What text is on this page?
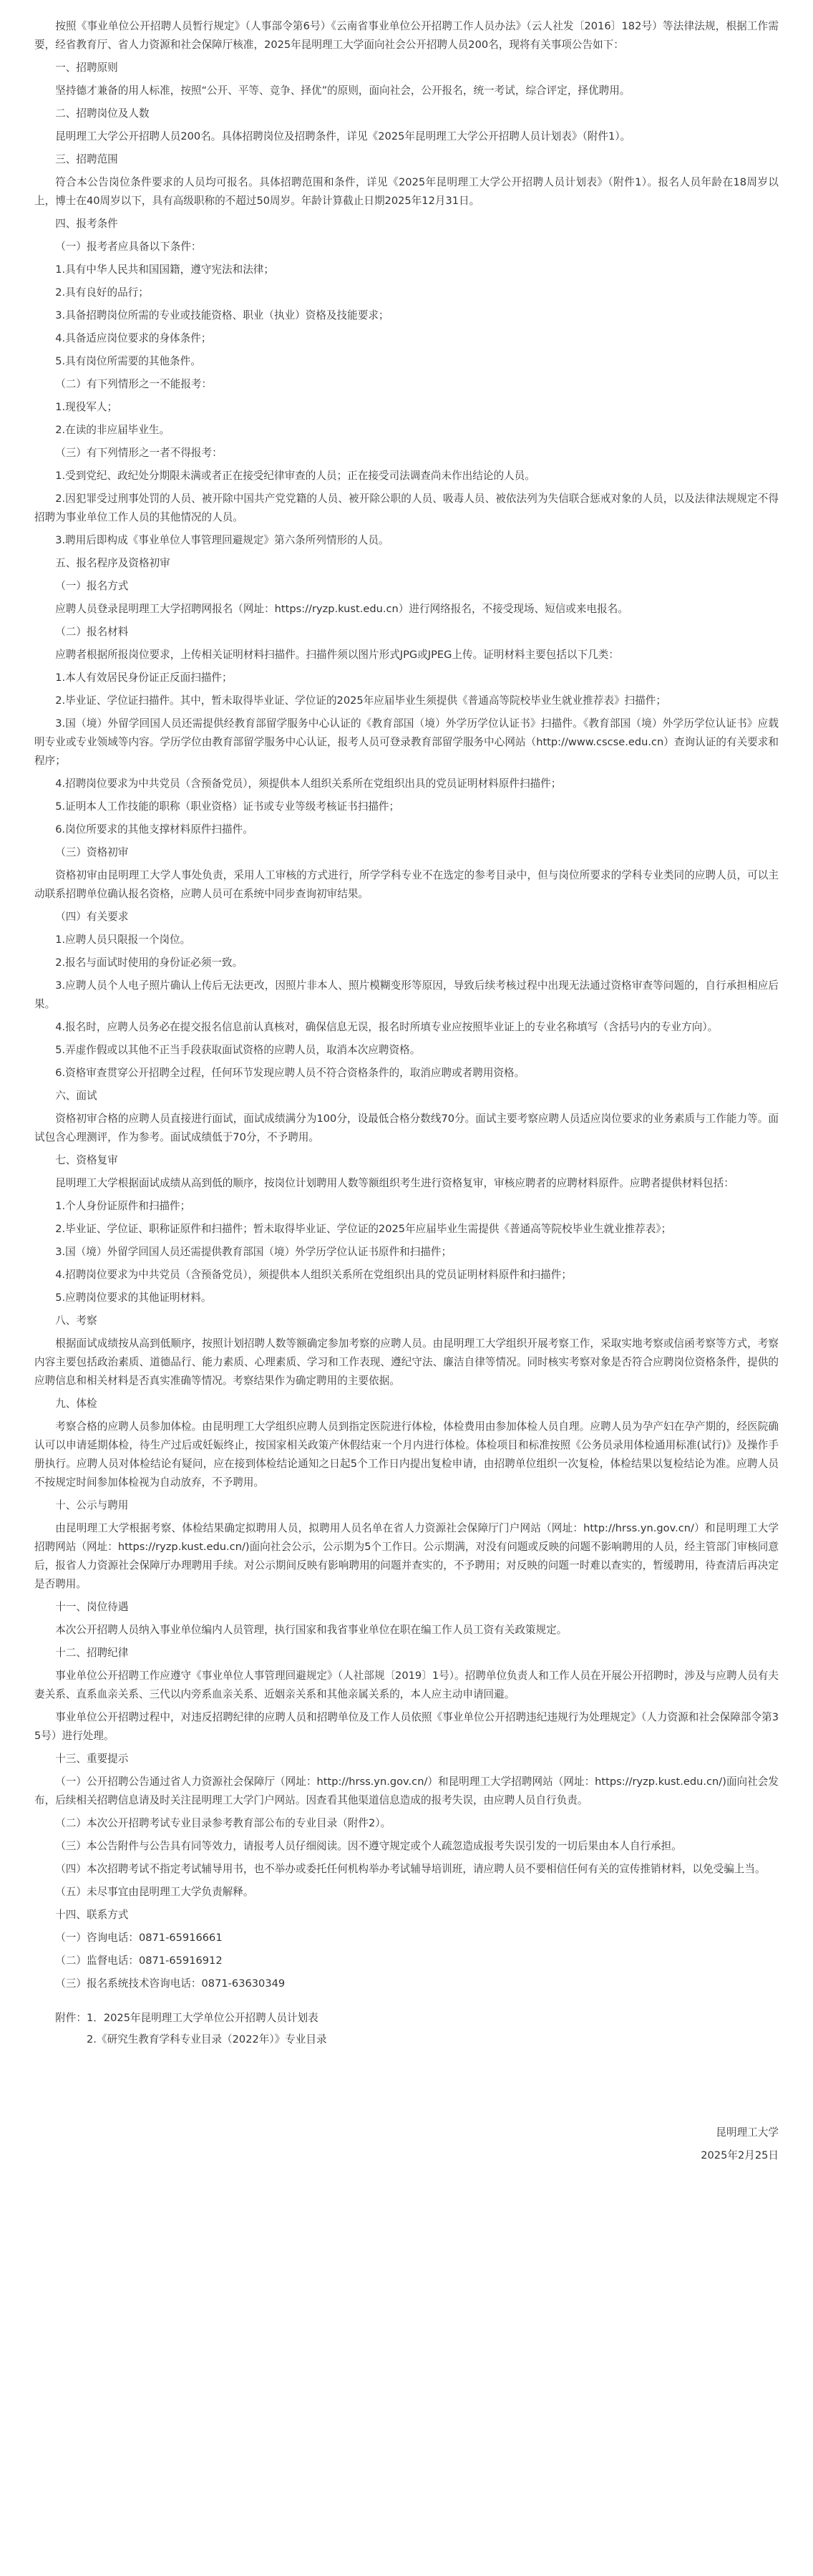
按照《事业单位公开招聘人员暂行规定》（人事部令第6号）《云南省事业单位公开招聘工作人员办法》（云人社发〔2016〕182号）等法律法规，根据工作需要，经省教育厅、省人力资源和社会保障厅核准，2025年昆明理工大学面向社会公开招聘人员200名，现将有关事项公告如下：
一、招聘原则
坚持德才兼备的用人标准，按照“公开、平等、竞争、择优”的原则，面向社会，公开报名，统一考试，综合评定，择优聘用。
二、招聘岗位及人数
昆明理工大学公开招聘人员200名。具体招聘岗位及招聘条件，详见《2025年昆明理工大学公开招聘人员计划表》（附件1）。
三、招聘范围
符合本公告岗位条件要求的人员均可报名。具体招聘范围和条件，详见《2025年昆明理工大学公开招聘人员计划表》（附件1）。报名人员年龄在18周岁以上，博士在40周岁以下，具有高级职称的不超过50周岁。年龄计算截止日期2025年12月31日。
四、报考条件
（一）报考者应具备以下条件：
1.具有中华人民共和国国籍，遵守宪法和法律；
2.具有良好的品行；
3.具备招聘岗位所需的专业或技能资格、职业（执业）资格及技能要求；
4.具备适应岗位要求的身体条件；
5.具有岗位所需要的其他条件。
（二）有下列情形之一不能报考：
1.现役军人；
2.在读的非应届毕业生。
（三）有下列情形之一者不得报考：
1.受到党纪、政纪处分期限未满或者正在接受纪律审查的人员；正在接受司法调查尚未作出结论的人员。
2.因犯罪受过刑事处罚的人员、被开除中国共产党党籍的人员、被开除公职的人员、吸毒人员、被依法列为失信联合惩戒对象的人员，以及法律法规规定不得招聘为事业单位工作人员的其他情况的人员。
3.聘用后即构成《事业单位人事管理回避规定》第六条所列情形的人员。
五、报名程序及资格初审
（一）报名方式
应聘人员登录昆明理工大学招聘网报名（网址：https://ryzp.kust.edu.cn）进行网络报名，不接受现场、短信或来电报名。
（二）报名材料
应聘者根据所报岗位要求，上传相关证明材料扫描件。扫描件须以图片形式JPG或JPEG上传。证明材料主要包括以下几类：
1.本人有效居民身份证正反面扫描件；
2.毕业证、学位证扫描件。其中，暂未取得毕业证、学位证的2025年应届毕业生须提供《普通高等院校毕业生就业推荐表》扫描件；
3.国（境）外留学回国人员还需提供经教育部留学服务中心认证的《教育部国（境）外学历学位认证书》扫描件。《教育部国（境）外学历学位认证书》应载明专业或专业领域等内容。学历学位由教育部留学服务中心认证，报考人员可登录教育部留学服务中心网站（http://www.cscse.edu.cn）查询认证的有关要求和程序；
4.招聘岗位要求为中共党员（含预备党员），须提供本人组织关系所在党组织出具的党员证明材料原件扫描件；
5.证明本人工作技能的职称（职业资格）证书或专业等级考核证书扫描件；
6.岗位所要求的其他支撑材料原件扫描件。
（三）资格初审
资格初审由昆明理工大学人事处负责，采用人工审核的方式进行，所学学科专业不在选定的参考目录中，但与岗位所要求的学科专业类同的应聘人员，可以主动联系招聘单位确认报名资格，应聘人员可在系统中同步查询初审结果。
（四）有关要求
1.应聘人员只限报一个岗位。
2.报名与面试时使用的身份证必须一致。
3.应聘人员个人电子照片确认上传后无法更改，因照片非本人、照片模糊变形等原因，导致后续考核过程中出现无法通过资格审查等问题的，自行承担相应后果。
4.报名时，应聘人员务必在提交报名信息前认真核对，确保信息无误，报名时所填专业应按照毕业证上的专业名称填写（含括号内的专业方向）。
5.弄虚作假或以其他不正当手段获取面试资格的应聘人员，取消本次应聘资格。
6.资格审查贯穿公开招聘全过程，任何环节发现应聘人员不符合资格条件的，取消应聘或者聘用资格。
六、面试
资格初审合格的应聘人员直接进行面试，面试成绩满分为100分，设最低合格分数线70分。面试主要考察应聘人员适应岗位要求的业务素质与工作能力等。面试包含心理测评，作为参考。面试成绩低于70分，不予聘用。
七、资格复审
昆明理工大学根据面试成绩从高到低的顺序，按岗位计划聘用人数等额组织考生进行资格复审，审核应聘者的应聘材料原件。应聘者提供材料包括：
1.个人身份证原件和扫描件；
2.毕业证、学位证、职称证原件和扫描件；暂未取得毕业证、学位证的2025年应届毕业生需提供《普通高等院校毕业生就业推荐表》；
3.国（境）外留学回国人员还需提供教育部国（境）外学历学位认证书原件和扫描件；
4.招聘岗位要求为中共党员（含预备党员），须提供本人组织关系所在党组织出具的党员证明材料原件和扫描件；
5.应聘岗位要求的其他证明材料。
八、考察
根据面试成绩按从高到低顺序，按照计划招聘人数等额确定参加考察的应聘人员。由昆明理工大学组织开展考察工作，采取实地考察或信函考察等方式，考察内容主要包括政治素质、道德品行、能力素质、心理素质、学习和工作表现、遵纪守法、廉洁自律等情况。同时核实考察对象是否符合应聘岗位资格条件，提供的应聘信息和相关材料是否真实准确等情况。考察结果作为确定聘用的主要依据。
九、体检
考察合格的应聘人员参加体检。由昆明理工大学组织应聘人员到指定医院进行体检，体检费用由参加体检人员自理。应聘人员为孕产妇在孕产期的，经医院确认可以申请延期体检，待生产过后或妊娠终止，按国家相关政策产休假结束一个月内进行体检。体检项目和标准按照《公务员录用体检通用标准(试行)》及操作手册执行。应聘人员对体检结论有疑问，应在接到体检结论通知之日起5个工作日内提出复检申请，由招聘单位组织一次复检，体检结果以复检结论为准。应聘人员不按规定时间参加体检视为自动放弃，不予聘用。
十、公示与聘用
由昆明理工大学根据考察、体检结果确定拟聘用人员，拟聘用人员名单在省人力资源社会保障厅门户网站（网址：http://hrss.yn.gov.cn/）和昆明理工大学招聘网站（网址：https://ryzp.kust.edu.cn/)面向社会公示，公示期为5个工作日。公示期满，对没有问题或反映的问题不影响聘用的人员，经主管部门审核同意后，报省人力资源社会保障厅办理聘用手续。对公示期间反映有影响聘用的问题并查实的，不予聘用；对反映的问题一时难以查实的，暂缓聘用，待查清后再决定是否聘用。
十一、岗位待遇
本次公开招聘人员纳入事业单位编内人员管理，执行国家和我省事业单位在职在编工作人员工资有关政策规定。
十二、招聘纪律
事业单位公开招聘工作应遵守《事业单位人事管理回避规定》（人社部规〔2019〕1号）。招聘单位负责人和工作人员在开展公开招聘时，涉及与应聘人员有夫妻关系、直系血亲关系、三代以内旁系血亲关系、近姻亲关系和其他亲属关系的，本人应主动申请回避。
事业单位公开招聘过程中，对违反招聘纪律的应聘人员和招聘单位及工作人员依照《事业单位公开招聘违纪违规行为处理规定》（人力资源和社会保障部令第35号）进行处理。
十三、重要提示
（一）公开招聘公告通过省人力资源社会保障厅（网址：http://hrss.yn.gov.cn/）和昆明理工大学招聘网站（网址：https://ryzp.kust.edu.cn/)面向社会发布，后续相关招聘信息请及时关注昆明理工大学门户网站。因查看其他渠道信息造成的报考失误，由应聘人员自行负责。
（二）本次公开招聘考试专业目录参考教育部公布的专业目录（附件2）。
（三）本公告附件与公告具有同等效力，请报考人员仔细阅读。因不遵守规定或个人疏忽造成报考失误引发的一切后果由本人自行承担。
（四）本次招聘考试不指定考试辅导用书，也不举办或委托任何机构举办考试辅导培训班，请应聘人员不要相信任何有关的宣传推销材料，以免受骗上当。
（五）未尽事宜由昆明理工大学负责解释。
十四、联系方式
（一）咨询电话：0871-65916661
（二）监督电话：0871-65916912
（三）报名系统技术咨询电话：0871-63630349
附件：1．2025年昆明理工大学单位公开招聘人员计划表
2.《研究生教育学科专业目录（2022年）》专业目录
昆明理工大学
2025年2月25日
